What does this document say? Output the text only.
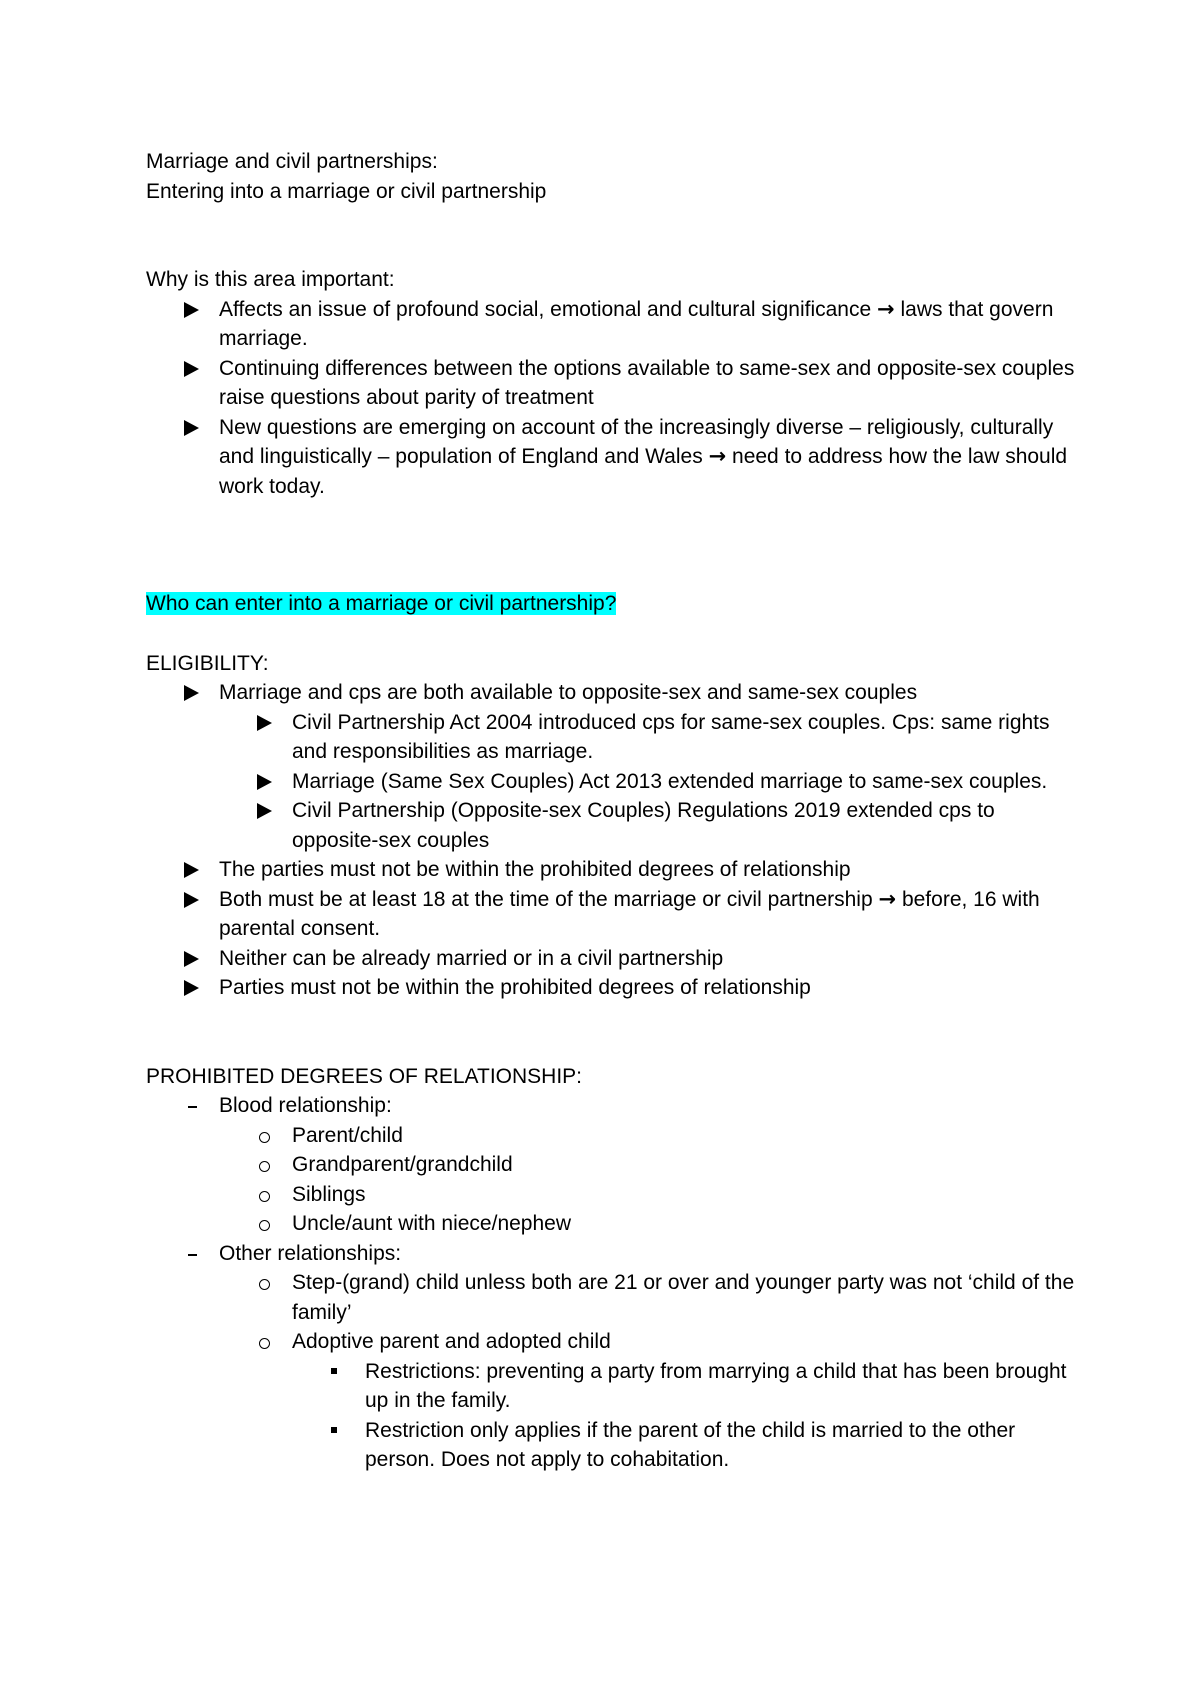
Marriage and civil partnerships:

Entering into a marriage or civil partnership

Why is this area important:

Affects an issue of profound social, emotional and cultural significance → laws that govern marriage.
Continuing differences between the options available to same-sex and opposite-sex couples raise questions about parity of treatment
New questions are emerging on account of the increasingly diverse – religiously, culturally and linguistically – population of England and Wales → need to address how the law should work today.

Who can enter into a marriage or civil partnership?

ELIGIBILITY:

Marriage and cps are both available to opposite-sex and same-sex couples
Civil Partnership Act 2004 introduced cps for same-sex couples. Cps: same rights and responsibilities as marriage.
Marriage (Same Sex Couples) Act 2013 extended marriage to same-sex couples.
Civil Partnership (Opposite-sex Couples) Regulations 2019 extended cps to opposite-sex couples
The parties must not be within the prohibited degrees of relationship
Both must be at least 18 at the time of the marriage or civil partnership → before, 16 with parental consent.
Neither can be already married or in a civil partnership
Parties must not be within the prohibited degrees of relationship

PROHIBITED DEGREES OF RELATIONSHIP:

Blood relationship:
Parent/child
Grandparent/grandchild
Siblings
Uncle/aunt with niece/nephew
Other relationships:
Step-(grand) child unless both are 21 or over and younger party was not ‘child of the family’
Adoptive parent and adopted child
Restrictions: preventing a party from marrying a child that has been brought up in the family.
Restriction only applies if the parent of the child is married to the other person. Does not apply to cohabitation.
